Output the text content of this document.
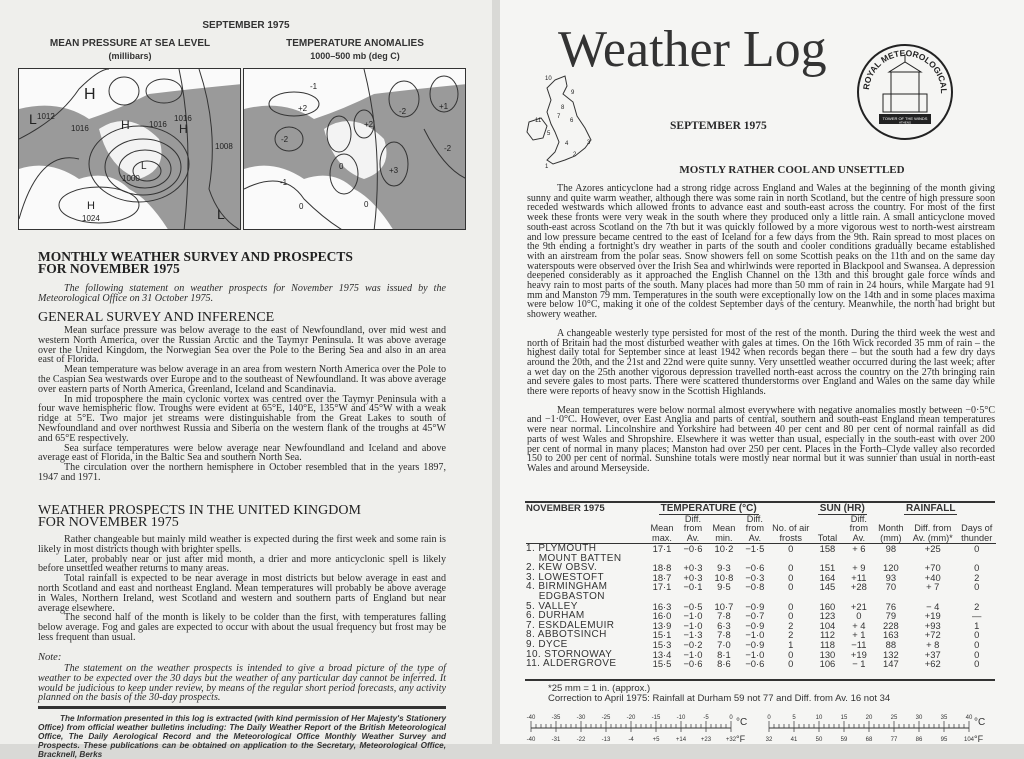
SEPTEMBER 1975
MEAN PRESSURE AT SEA LEVEL
(millibars)
TEMPERATURE ANOMALIES
1000–500 mb (deg C)
H
L 1012
1016	1016
H	1016
H
1000
L
1008
H
1024	L
-1
+2
-2
+2
-2
+1
-2
+3
0
-1
0	0
MONTHLY WEATHER SURVEY AND PROSPECTS FOR NOVEMBER 1975
The following statement on weather prospects for November 1975 was issued by the Meteorological Office on 31 October 1975.
GENERAL SURVEY AND INFERENCE

Mean surface pressure was below average to the east of Newfoundland, over mid west and western North America, over the Russian Arctic and the Taymyr Peninsula. It was above average over the United Kingdom, the Norwegian Sea over the Pole to the Bering Sea and also in an area east of Florida.

Mean temperature was below average in an area from western North America over the Pole to the Caspian Sea westwards over Europe and to the southeast of Newfoundland. It was above average over eastern parts of North America, Greenland, Iceland and Scandinavia.

In mid troposphere the main cyclonic vortex was centred over the Taymyr Peninsula with a four wave hemispheric flow. Troughs were evident at 65°E, 140°E, 135°W and 45°W with a weak ridge at 5°E. Two major jet streams were distinguishable from the Great Lakes to south of Newfoundland and over northwest Russia and Siberia on the western flank of the troughs at 45°W and 65°E respectively.

Sea surface temperatures were below average near Newfoundland and Iceland and above average east of Florida, in the Baltic Sea and southern North Sea.

The circulation over the northern hemisphere in October resembled that in the years 1897, 1947 and 1971.

WEATHER PROSPECTS IN THE UNITED KINGDOM FOR NOVEMBER 1975

Rather changeable but mainly mild weather is expected during the first week and some rain is likely in most districts though with brighter spells.

Later, probably near or just after mid month, a drier and more anticyclonic spell is likely before unsettled weather returns to many areas.

Total rainfall is expected to be near average in most districts but below average in east and north Scotland and east and northeast England. Mean temperatures will probably be above average in Wales, Northern Ireland, west Scotland and western and southern parts of England but near average elsewhere.

The second half of the month is likely to be colder than the first, with temperatures falling below average. Fog and gales are expected to occur with about the usual frequency but frost may be less frequent than usual.

Note:
The statement on the weather prospects is intended to give a broad picture of the type of weather to be expected over the 30 days but the weather of any particular day cannot be inferred. It would be judicious to keep under review, by means of the regular short period forecasts, any activity planned on the basis of the 30-day prospects.
The Information presented in this log is extracted (with kind permission of Her Majesty's Stationery Office) from official weather bulletins including: The Daily Weather Report of the British Meteorological Office, The Daily Aerological Record and the Meteorological Office Monthly Weather Survey and Prospects. These publications can be obtained on application to the Secretary, Meteorological Office, Bracknell, Berks
Weather Log
1
2
3
4
5
6
7
8
9
10
11
ROYAL METEOROLOGICAL
TOWER OF THE WINDS
ATHENS
SEPTEMBER 1975
MOSTLY RATHER COOL AND UNSETTLED

The Azores anticyclone had a strong ridge across England and Wales at the beginning of the month giving sunny and quite warm weather, although there was some rain in north Scotland, but the centre of high pressure soon receded westwards which allowed fronts to advance east and south-east across the country. For most of the first week these fronts were very weak in the south where they produced only a little rain. A small anticyclone moved south-east across Scotland on the 7th but it was quickly followed by a more vigorous west to north-west airstream and low pressure became centred to the east of Iceland for a few days from the 9th. Rain spread to most places on the 9th ending a fortnight's dry weather in parts of the south and cooler conditions gradually became established with an airstream from the polar seas. Snow showers fell on some Scottish peaks on the 11th and on the same day waterspouts were observed over the Irish Sea and whirlwinds were reported in Blackpool and Swansea. A depression deepened considerably as it approached the English Channel on the 13th and this brought gale force winds and heavy rain to most parts of the south. Many places had more than 50 mm of rain in 24 hours, while Margate had 91 mm and Manston 79 mm. Temperatures in the south were exceptionally low on the 14th and in some places maxima were below 10°C, making it one of the coldest September days of the century. Meanwhile, the north had bright but showery weather.

A changeable westerly type persisted for most of the rest of the month. During the third week the west and north of Britain had the most disturbed weather with gales at times. On the 16th Wick recorded 35 mm of rain – the highest daily total for September since at least 1942 when records began there – but the south had a few dry days around the 20th, and the 21st and 22nd were quite sunny. Very unsettled weather occurred during the last week; after a wet day on the 25th another vigorous depression travelled north-east across the country on the 27th bringing rain and severe gales to most parts. There were scattered thunderstorms over England and Wales on the same day while there were reports of heavy snow in the Scottish Highlands.

Mean temperatures were below normal almost everywhere with negative anomalies mostly between −0·5°C and −1·0°C. However, over East Anglia and parts of central, southern and south-east England mean temperatures were near normal. Lincolnshire and Yorkshire had between 40 per cent and 80 per cent of normal rainfall as did parts of west Wales and Shropshire. Elsewhere it was wetter than usual, especially in the south-east with over 200 per cent of normal in many places; Manston had over 250 per cent. Places in the Forth–Clyde valley also recorded 150 to 200 per cent of normal. Sunshine totals were mostly near normal but it was sunnier than usual in north-east Wales and around Merseyside.

NOVEMBER 1975	TEMPERATURE (°C)					SUN (HR)		RAINFALL		
	Mean max.	Diff. from Av.	Mean min.	Diff. from Av.	No. of air frosts	Total	Diff. from Av.	Month (mm)	Diff. from Av. (mm)*	Days of thunder
1. PLYMOUTH
MOUNT BATTEN	17·1	−0·6	10·2	−1·5	0	158	+ 6	98	+25	0
2. KEW OBSV.	18·8	+0·3	9·3	−0·6	0	151	+ 9	120	+70	0
3. LOWESTOFT	18·7	+0·3	10·8	−0·3	0	164	+11	93	+40	2
4. BIRMINGHAM
EDGBASTON	17·1	−0·1	9·5	−0·8	0	145	+28	70	+ 7	0
5. VALLEY	16·3	−0·5	10·7	−0·9	0	160	+21	76	− 4	2
6. DURHAM	16·0	−1·0	7·8	−0·7	0	123	0	79	+19	—
7. ESKDALEMUIR	13·9	−1·0	6·3	−0·9	2	104	+ 4	228	+93	1
8. ABBOTSINCH	15·1	−1·3	7·8	−1·0	2	112	+ 1	163	+72	0
9. DYCE	15·3	−0·2	7·0	−0·9	1	118	−11	88	+ 8	0
10. STORNOWAY	13·4	−1·0	8·1	−1·0	0	130	+19	132	+37	0
11. ALDERGROVE	15·5	−0·6	8·6	−0·6	0	106	− 1	147	+62	0
*25 mm = 1 in. (approx.)
Correction to April 1975: Rainfall at Durham 59 not 77 and Diff. from Av. 16 not 34
-40
-40
-35
-31
-30
-22
-25
-13
-20
-4
-15
+5
-10
+14
-5
+23
0
+32
°C
°F
0
32
5
41
10
50
15
59
20
68
25
77
30
86
35
95
40
104
°C
°F
